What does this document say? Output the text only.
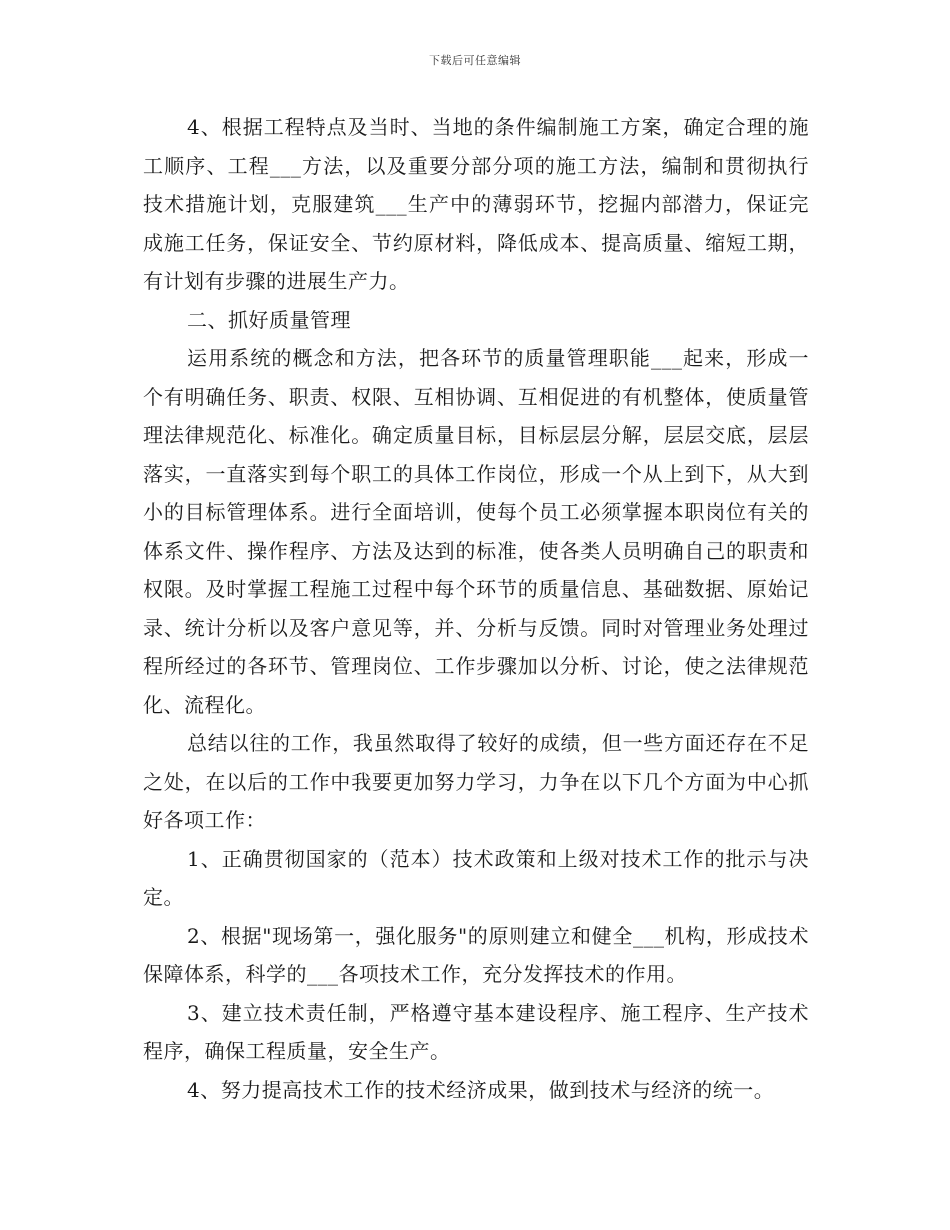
下载后可任意编辑

4、根据工程特点及当时、当地的条件编制施工方案，确定合理的施工顺序、工程___方法，以及重要分部分项的施工方法，编制和贯彻执行技术措施计划，克服建筑___生产中的薄弱环节，挖掘内部潜力，保证完成施工任务，保证安全、节约原材料，降低成本、提高质量、缩短工期，有计划有步骤的进展生产力。

二、抓好质量管理

运用系统的概念和方法，把各环节的质量管理职能___起来，形成一个有明确任务、职责、权限、互相协调、互相促进的有机整体，使质量管理法律规范化、标准化。确定质量目标，目标层层分解，层层交底，层层落实，一直落实到每个职工的具体工作岗位，形成一个从上到下，从大到小的目标管理体系。进行全面培训，使每个员工必须掌握本职岗位有关的体系文件、操作程序、方法及达到的标准，使各类人员明确自己的职责和权限。及时掌握工程施工过程中每个环节的质量信息、基础数据、原始记录、统计分析以及客户意见等，并、分析与反馈。同时对管理业务处理过程所经过的各环节、管理岗位、工作步骤加以分析、讨论，使之法律规范化、流程化。

总结以往的工作，我虽然取得了较好的成绩，但一些方面还存在不足之处，在以后的工作中我要更加努力学习，力争在以下几个方面为中心抓好各项工作：

1、正确贯彻国家的（范本）技术政策和上级对技术工作的批示与决定。

2、根据"现场第一，强化服务"的原则建立和健全___机构，形成技术保障体系，科学的___各项技术工作，充分发挥技术的作用。

3、建立技术责任制，严格遵守基本建设程序、施工程序、生产技术程序，确保工程质量，安全生产。

4、努力提高技术工作的技术经济成果，做到技术与经济的统一。
